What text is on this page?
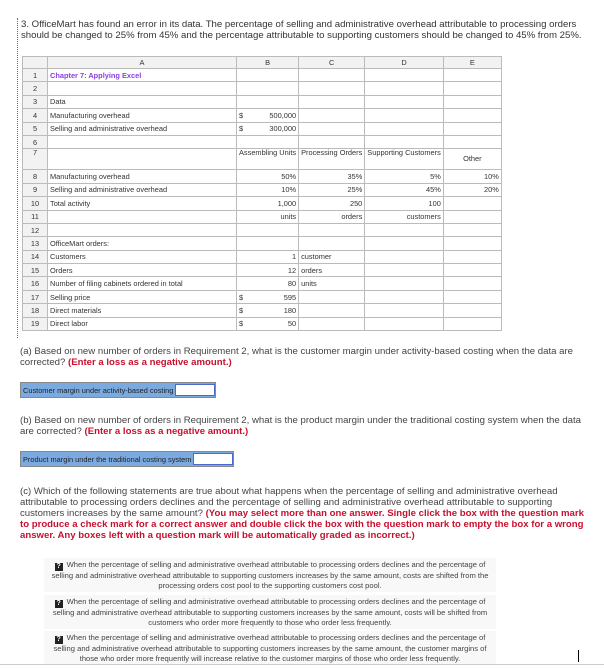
3. OfficeMart has found an error in its data. The percentage of selling and administrative overhead attributable to processing orders should be changed to 25% from 45% and the percentage attributable to supporting customers should be changed to 45% from 25%.
	A	B	C	D	E
1	Chapter 7: Applying Excel				
2					
3	Data				
4	Manufacturing overhead	$ 500,000			
5	Selling and administrative overhead	$ 300,000			
6					
7		Assembling Units	Processing Orders	Supporting Customers	Other
8	Manufacturing overhead	50%	35%	5%	10%
9	Selling and administrative overhead	10%	25%	45%	20%
10	Total activity	1,000	250	100	
11		units	orders	customers	
12					
13	OfficeMart orders:				
14	Customers	1	customer		
15	Orders	12	orders		
16	Number of filing cabinets ordered in total	80	units		
17	Selling price	$ 595			
18	Direct materials	$ 180			
19	Direct labor	$ 50			
(a) Based on new number of orders in Requirement 2, what is the customer margin under activity-based costing when the data are corrected? (Enter a loss as a negative amount.)
Customer margin under activity-based costing
(b) Based on new number of orders in Requirement 2, what is the product margin under the traditional costing system when the data are corrected? (Enter a loss as a negative amount.)
Product margin under the traditional costing system
(c) Which of the following statements are true about what happens when the percentage of selling and administrative overhead attributable to processing orders declines and the percentage of selling and administrative overhead attributable to supporting customers increases by the same amount? (You may select more than one answer. Single click the box with the question mark to produce a check mark for a correct answer and double click the box with the question mark to empty the box for a wrong answer. Any boxes left with a question mark will be automatically graded as incorrect.)
? When the percentage of selling and administrative overhead attributable to processing orders declines and the percentage of selling and administrative overhead attributable to supporting customers increases by the same amount, costs are shifted from the processing orders cost pool to the supporting customers cost pool.
? When the percentage of selling and administrative overhead attributable to processing orders declines and the percentage of selling and administrative overhead attributable to supporting customers increases by the same amount, costs will be shifted from customers who order more frequently to those who order less frequently.
? When the percentage of selling and administrative overhead attributable to processing orders declines and the percentage of selling and administrative overhead attributable to supporting customers increases by the same amount, the customer margins of those who order more frequently will increase relative to the customer margins of those who order less frequently.
